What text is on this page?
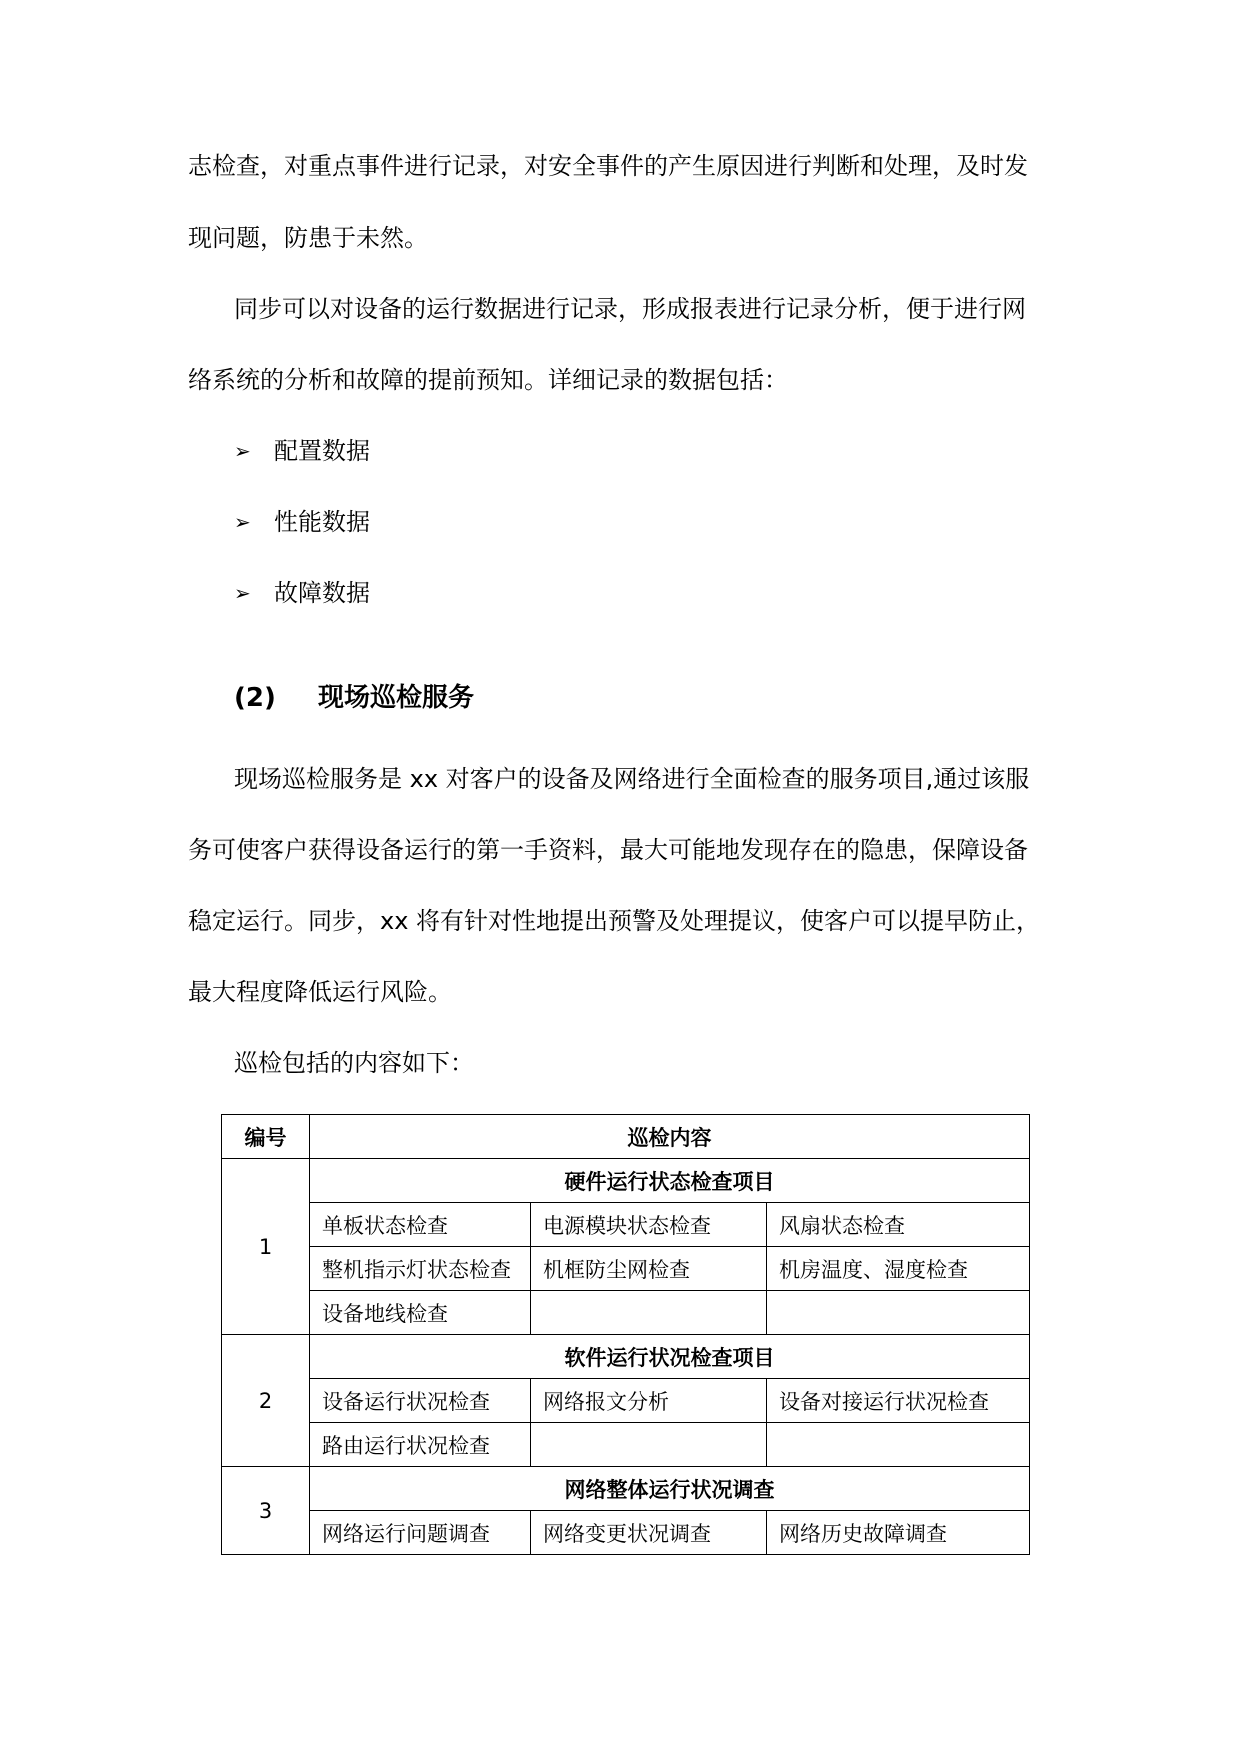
志检查，对重点事件进行记录，对安全事件的产生原因进行判断和处理，及时发
现问题，防患于未然。
同步可以对设备的运行数据进行记录，形成报表进行记录分析，便于进行网
络系统的分析和故障的提前预知。详细记录的数据包括：
➢ 配置数据
➢ 性能数据
➢ 故障数据
(2) 现场巡检服务
现场巡检服务是 xx 对客户的设备及网络进行全面检查的服务项目,通过该服
务可使客户获得设备运行的第一手资料，最大可能地发现存在的隐患，保障设备
稳定运行。同步，xx 将有针对性地提出预警及处理提议，使客户可以提早防止，
最大程度降低运行风险。
巡检包括的内容如下：
编号	巡检内容		
1	硬件运行状态检查项目		
	单板状态检查	电源模块状态检查	风扇状态检查
	整机指示灯状态检查	机框防尘网检查	机房温度、湿度检查
	设备地线检查		
2	软件运行状况检查项目		
	设备运行状况检查	网络报文分析	设备对接运行状况检查
	路由运行状况检查		
3	网络整体运行状况调查		
	网络运行问题调查	网络变更状况调查	网络历史故障调查
